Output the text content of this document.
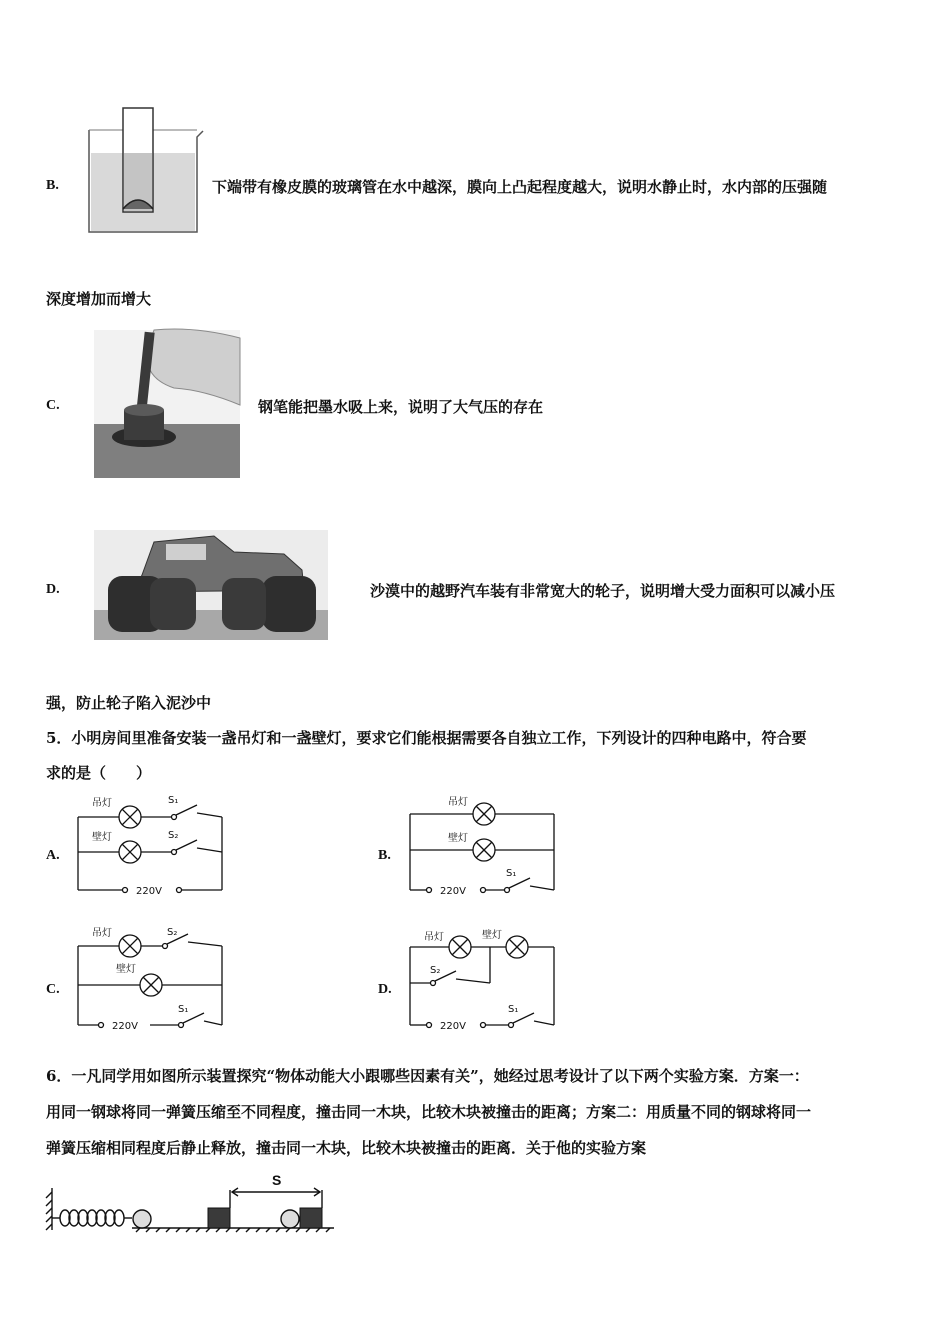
B.	下端带有橡皮膜的玻璃管在水中越深，膜向上凸起程度越大，说明水静止时，水内部的压强随
深度增加而增大
C.	钢笔能把墨水吸上来，说明了大气压的存在
D.	沙漠中的越野汽车装有非常宽大的轮子，说明增大受力面积可以减小压
强，防止轮子陷入泥沙中
5．小明房间里准备安装一盏吊灯和一盏壁灯，要求它们能根据需要各自独立工作，下列设计的四种电路中，符合要
求的是（　　）
A.	B.
C.	D.
吊灯
壁灯
S₁
S₂
220V
吊灯
壁灯
S₁
220V
吊灯	S₂
壁灯
S₁
220V
吊灯	壁灯
S₂
S₁
220V
6．一凡同学用如图所示装置探究“物体动能大小跟哪些因素有关”，她经过思考设计了以下两个实验方案．方案一：
用同一钢球将同一弹簧压缩至不同程度，撞击同一木块，比较木块被撞击的距离；方案二：用质量不同的钢球将同一
弹簧压缩相同程度后静止释放，撞击同一木块，比较木块被撞击的距离．关于他的实验方案
S
